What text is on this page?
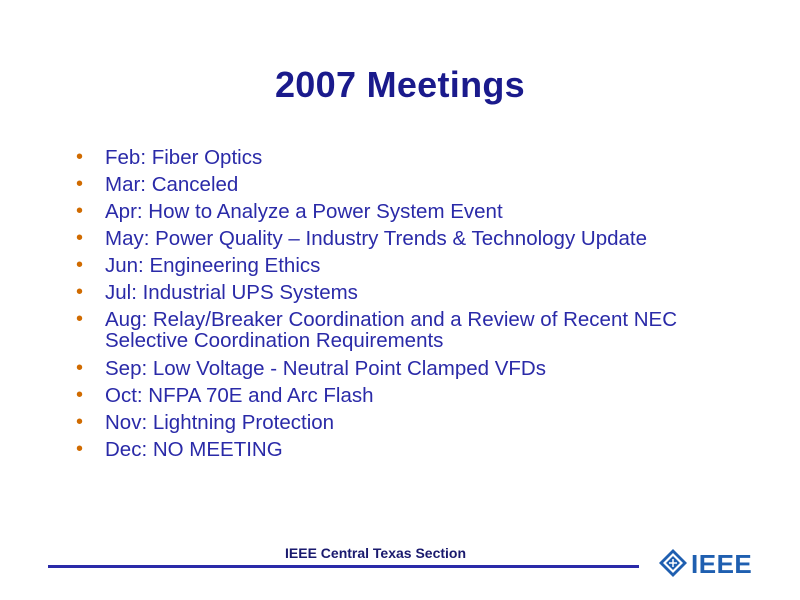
2007 Meetings
• Feb: Fiber Optics
• Mar: Canceled
• Apr: How to Analyze a Power System Event
• May: Power Quality – Industry Trends & Technology Update
• Jun: Engineering Ethics
• Jul: Industrial UPS Systems
• Aug: Relay/Breaker Coordination and a Review of Recent NEC Selective Coordination Requirements
• Sep: Low Voltage - Neutral Point Clamped VFDs
• Oct: NFPA 70E and Arc Flash
• Nov: Lightning Protection
• Dec: NO MEETING
IEEE Central Texas Section	IEEE
